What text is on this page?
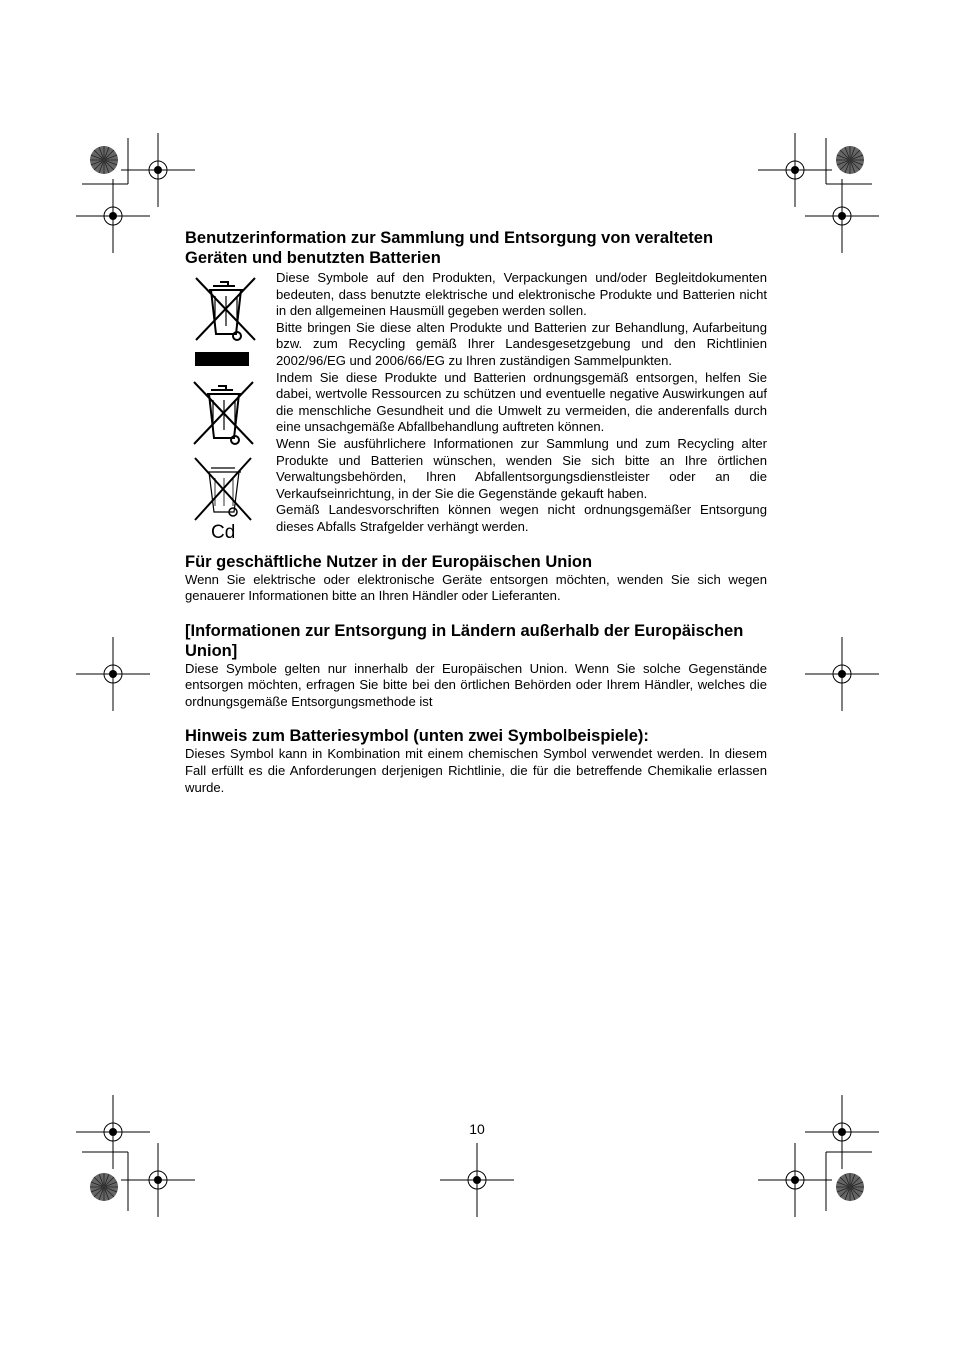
Benutzerinformation zur Sammlung und Entsorgung von veralteten Geräten und benutzten Batterien
Cd

Diese Symbole auf den Produkten, Verpackungen und/oder Begleitdokumenten bedeuten, dass benutzte elektrische und elektronische Produkte und Batterien nicht in den allgemeinen Hausmüll gegeben werden sollen.

Bitte bringen Sie diese alten Produkte und Batterien zur Behandlung, Aufarbeitung bzw. zum Recycling gemäß Ihrer Landesgesetzgebung und den Richtlinien 2002/96/EG und 2006/66/EG zu Ihren zuständigen Sammelpunkten.

Indem Sie diese Produkte und Batterien ordnungsgemäß entsorgen, helfen Sie dabei, wertvolle Ressourcen zu schützen und eventuelle negative Auswirkungen auf die menschliche Gesundheit und die Umwelt zu vermeiden, die anderenfalls durch eine unsachgemäße Abfallbehandlung auftreten können.

Wenn Sie ausführlichere Informationen zur Sammlung und zum Recycling alter Produkte und Batterien wünschen, wenden Sie sich bitte an Ihre örtlichen Verwaltungsbehörden, Ihren Abfallentsorgungsdienstleister oder an die Verkaufseinrichtung, in der Sie die Gegenstände gekauft haben.

Gemäß Landesvorschriften können wegen nicht ordnungsgemäßer Entsorgung dieses Abfalls Strafgelder verhängt werden.

Für geschäftliche Nutzer in der Europäischen Union

Wenn Sie elektrische oder elektronische Geräte entsorgen möchten, wenden Sie sich wegen genauerer Informationen bitte an Ihren Händler oder Lieferanten.

[Informationen zur Entsorgung in Ländern außerhalb der Europäischen Union]

Diese Symbole gelten nur innerhalb der Europäischen Union. Wenn Sie solche Gegenstände entsorgen möchten, erfragen Sie bitte bei den örtlichen Behörden oder Ihrem Händler, welches die ordnungsgemäße Entsorgungsmethode ist

Hinweis zum Batteriesymbol (unten zwei Symbolbeispiele):

Dieses Symbol kann in Kombination mit einem chemischen Symbol verwendet werden. In diesem Fall erfüllt es die Anforderungen derjenigen Richtlinie, die für die betreffende Chemikalie erlassen wurde.

10
